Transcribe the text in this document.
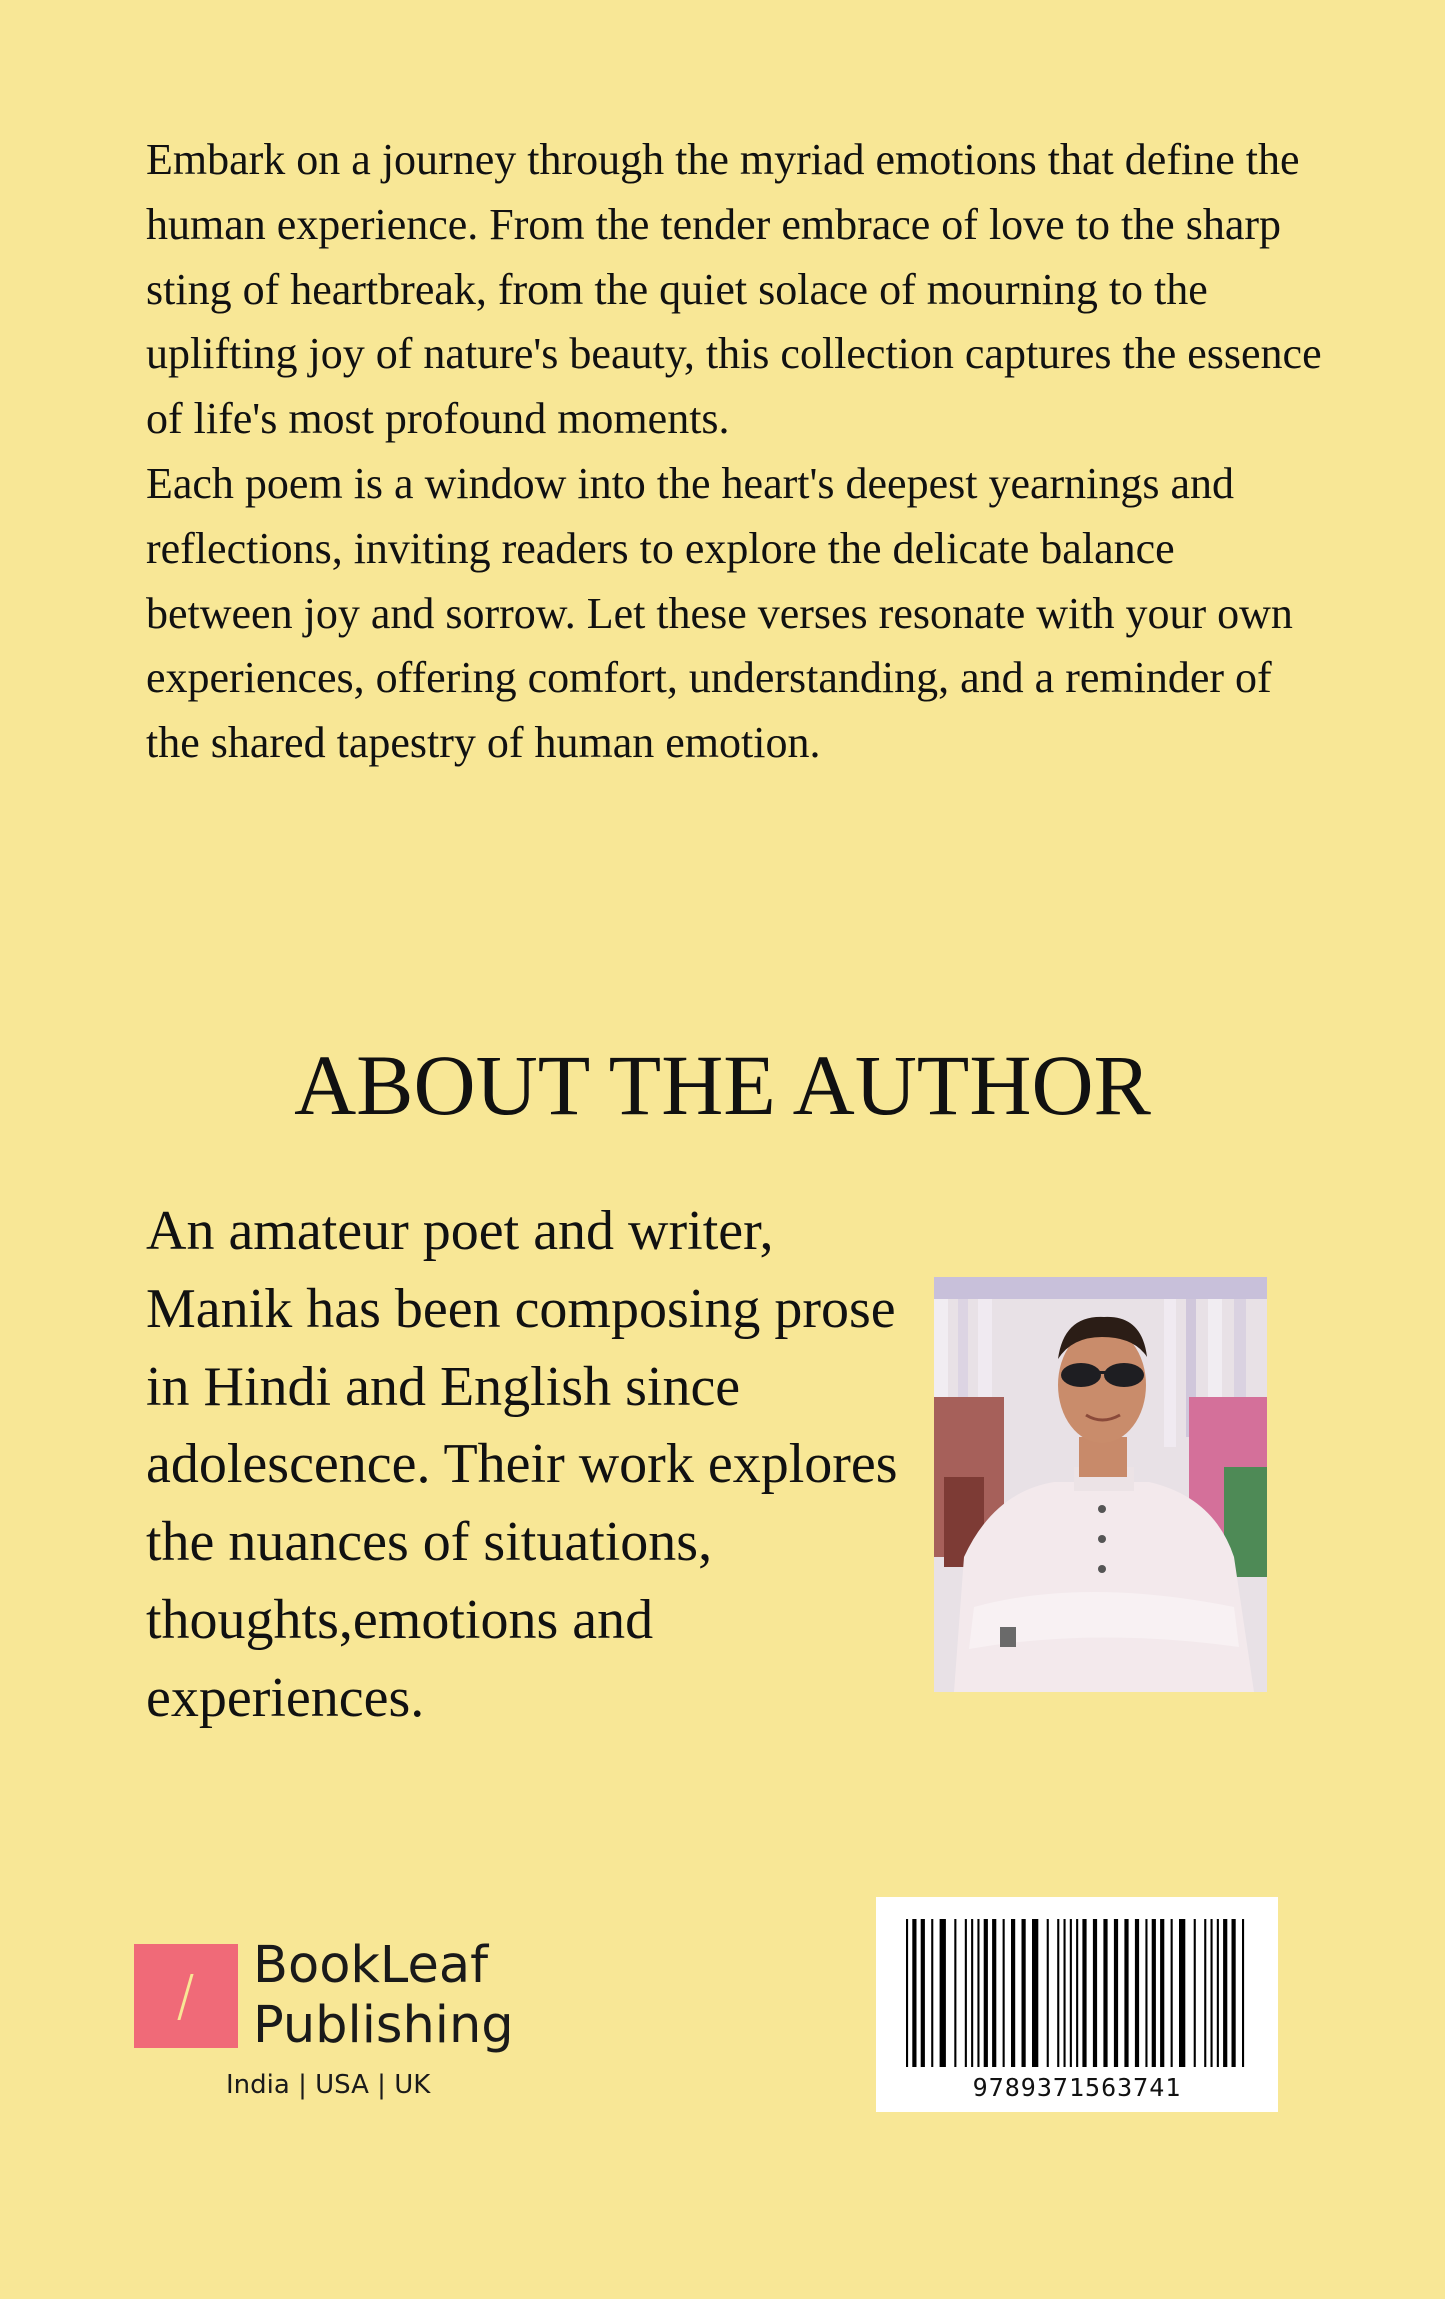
Embark on a journey through the myriad emotions that define the human experience. From the tender embrace of love to the sharp sting of heartbreak, from the quiet solace of mourning to the uplifting joy of nature's beauty, this collection captures the essence of life's most profound moments.

Each poem is a window into the heart's deepest yearnings and reflections, inviting readers to explore the delicate balance between joy and sorrow. Let these verses resonate with your own experiences, offering comfort, understanding, and a reminder of the shared tapestry of human emotion.

ABOUT THE AUTHOR

An amateur poet and writer, Manik has been composing prose in Hindi and English since adolescence. Their work explores the nuances of situations, thoughts,emotions and experiences.

BookLeaf
Publishing
India | USA | UK	9789371563741
